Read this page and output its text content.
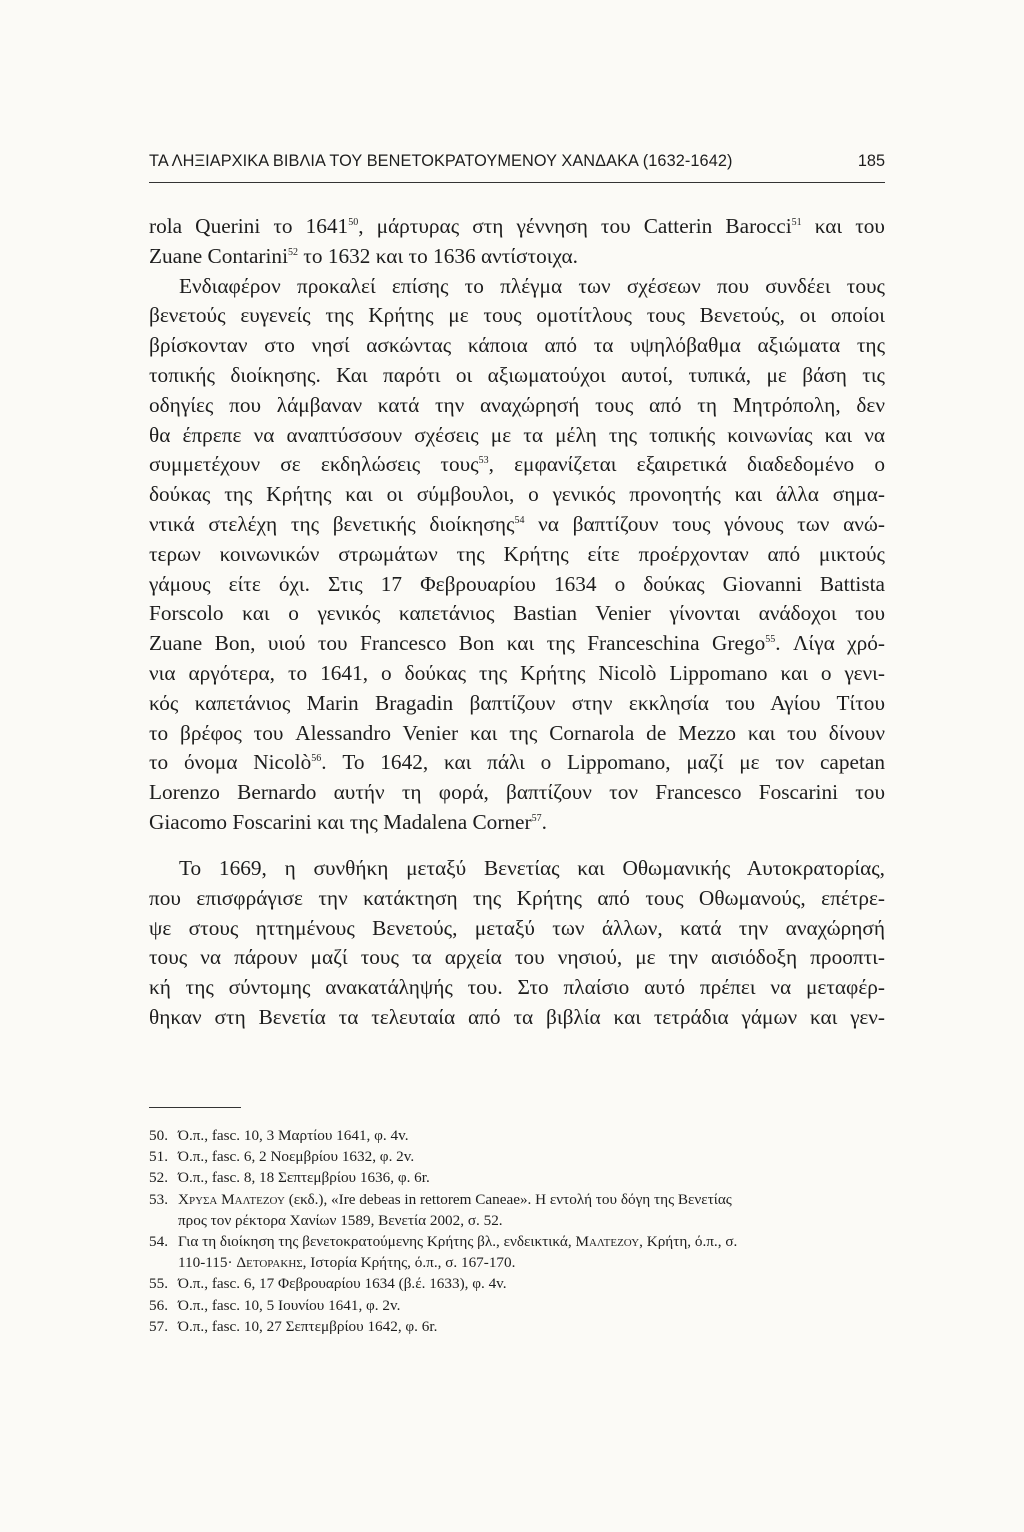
ΤΑ ΛΗΞΙΑΡΧΙΚΑ ΒΙΒΛΙΑ ΤΟΥ ΒΕΝΕΤΟΚΡΑΤΟΥΜΕΝΟΥ ΧΑΝΔΑΚΑ (1632-1642)	185
rola Querini το 1641$^{50}$, μάρτυρας στη γέννηση του Catterin Barocci$^{51}$ και του
Zuane Contarini$^{52}$ το 1632 και το 1636 αντίστοιχα.
Ενδιαφέρον προκαλεί επίσης το πλέγμα των σχέσεων που συνδέει τους
βενετούς ευγενείς της Κρήτης με τους ομοτίτλους τους Βενετούς, οι οποίοι
βρίσκονταν στο νησί ασκώντας κάποια από τα υψηλόβαθμα αξιώματα της
τοπικής διοίκησης. Και παρότι οι αξιωματούχοι αυτοί, τυπικά, με βάση τις
οδηγίες που λάμβαναν κατά την αναχώρησή τους από τη Μητρόπολη, δεν
θα έπρεπε να αναπτύσσουν σχέσεις με τα μέλη της τοπικής κοινωνίας και να
συμμετέχουν σε εκδηλώσεις τους$^{53}$, εμφανίζεται εξαιρετικά διαδεδομένο ο
δούκας της Κρήτης και οι σύμβουλοι, ο γενικός προνοητής και άλλα σημα-
ντικά στελέχη της βενετικής διοίκησης$^{54}$ να βαπτίζουν τους γόνους των ανώ-
τερων κοινωνικών στρωμάτων της Κρήτης είτε προέρχονταν από μικτούς
γάμους είτε όχι. Στις 17 Φεβρουαρίου 1634 ο δούκας Giovanni Battista
Forscolo και ο γενικός καπετάνιος Bastian Venier γίνονται ανάδοχοι του
Zuane Bon, υιού του Francesco Bon και της Franceschina Grego$^{55}$. Λίγα χρό-
νια αργότερα, το 1641, ο δούκας της Κρήτης Nicolò Lippomano και ο γενι-
κός καπετάνιος Marin Bragadin βαπτίζουν στην εκκλησία του Αγίου Τίτου
το βρέφος του Alessandro Venier και της Cornarola de Mezzo και του δίνουν
το όνομα Nicolò$^{56}$. Το 1642, και πάλι ο Lippomano, μαζί με τον capetan
Lorenzo Bernardo αυτήν τη φορά, βαπτίζουν τον Francesco Foscarini του
Giacomo Foscarini και της Madalena Corner$^{57}$.
Το 1669, η συνθήκη μεταξύ Βενετίας και Οθωμανικής Αυτοκρατορίας,
που επισφράγισε την κατάκτηση της Κρήτης από τους Οθωμανούς, επέτρε-
ψε στους ηττημένους Βενετούς, μεταξύ των άλλων, κατά την αναχώρησή
τους να πάρουν μαζί τους τα αρχεία του νησιού, με την αισιόδοξη προοπτι-
κή της σύντομης ανακατάληψής του. Στο πλαίσιο αυτό πρέπει να μεταφέρ-
θηκαν στη Βενετία τα τελευταία από τα βιβλία και τετράδια γάμων και γεν-
50. Ό.π., fasc. 10, 3 Μαρτίου 1641, φ. 4v.
51. Ό.π., fasc. 6, 2 Νοεμβρίου 1632, φ. 2v.
52. Ό.π., fasc. 8, 18 Σεπτεμβρίου 1636, φ. 6r.
53. Χρυσα Μαλτεζου (εκδ.), «Ire debeas in rettorem Caneae». Η εντολή του δόγη της Βενετίας
προς τον ρέκτορα Χανίων 1589, Βενετία 2002, σ. 52.
54. Για τη διοίκηση της βενετοκρατούμενης Κρήτης βλ., ενδεικτικά, Μαλτεζου, Κρήτη, ό.π., σ.
110-115· Δετορακησ, Ιστορία Κρήτης, ό.π., σ. 167-170.
55. Ό.π., fasc. 6, 17 Φεβρουαρίου 1634 (β.έ. 1633), φ. 4v.
56. Ό.π., fasc. 10, 5 Ιουνίου 1641, φ. 2v.
57. Ό.π., fasc. 10, 27 Σεπτεμβρίου 1642, φ. 6r.
